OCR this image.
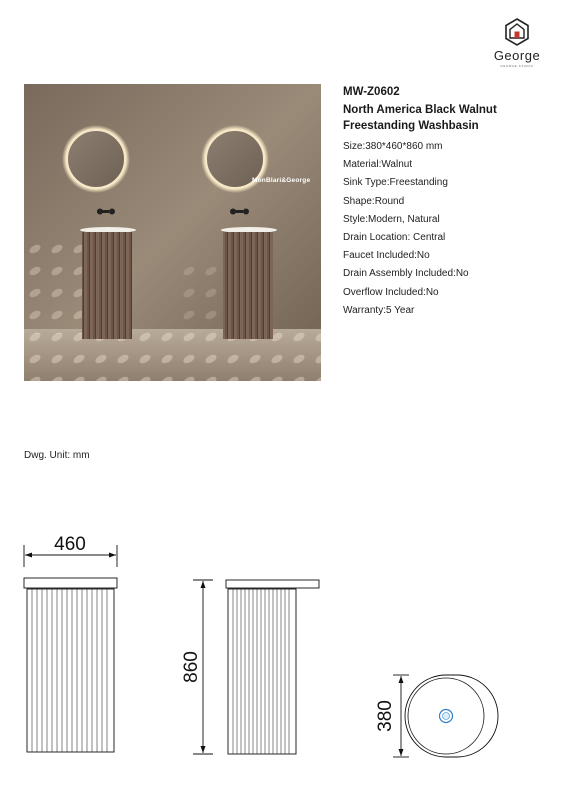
George
GEORGE STUDIO
MonBlari&George
MW-Z0602
North America Black Walnut Freestanding Washbasin
Size:380*460*860 mm
Material:Walnut
Sink Type:Freestanding
Shape:Round
Style:Modern, Natural
Drain Location: Central
Faucet Included:No
Drain Assembly Included:No
Overflow Included:No
Warranty:5 Year
Dwg. Unit: mm
460
860
380
